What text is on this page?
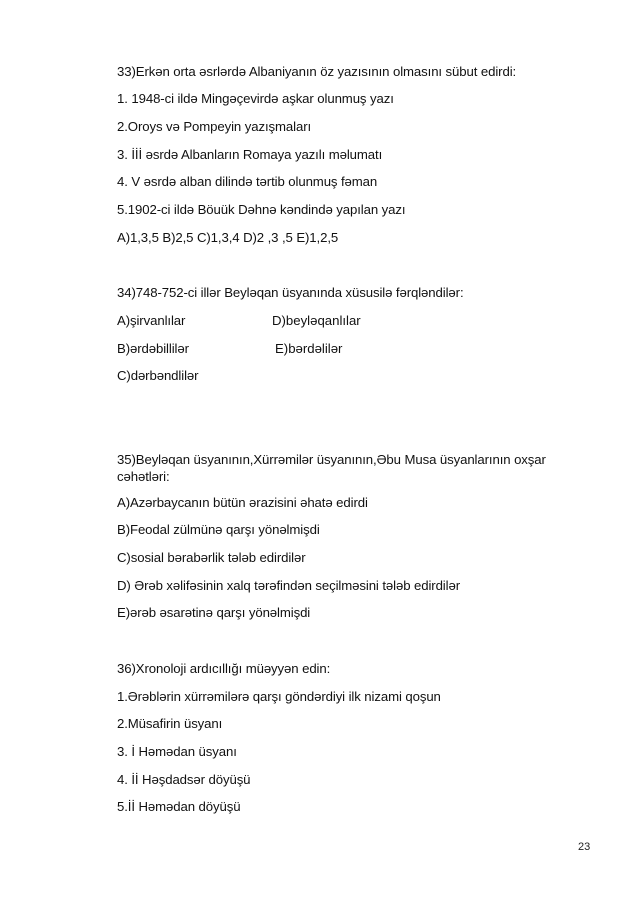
33)Erkən orta əsrlərdə Albaniyanın öz yazısının olmasını sübut edirdi:
1. 1948-ci ildə Mingəçevirdə aşkar olunmuş yazı
2.Oroys və Pompeyin yazışmaları
3. İİİ əsrdə Albanların Romaya yazılı məlumatı
4. V əsrdə alban dilində tərtib olunmuş fəman
5.1902-ci ildə Böuük Dəhnə kəndində yapılan yazı
A)1,3,5 B)2,5 C)1,3,4 D)2 ,3 ,5 E)1,2,5
34)748-752-ci illər Beyləqan üsyanında xüsusilə fərqləndilər:
A)şirvanlılar	D)beyləqanlılar
B)ərdəbillilər	E)bərdəlilər
C)dərbəndlilər
35)Beyləqan üsyanının,Xürrəmilər üsyanının,Əbu Musa üsyanlarının oxşar cəhətləri:
A)Azərbaycanın bütün ərazisini əhatə edirdi
B)Feodal zülmünə qarşı yönəlmişdi
C)sosial bərabərlik tələb edirdilər
D) Ərəb xəlifəsinin xalq tərəfindən seçilməsini tələb edirdilər
E)ərəb əsarətinə qarşı yönəlmişdi
36)Xronoloji ardıcıllığı müəyyən edin:
1.Ərəblərin xürrəmilərə qarşı göndərdiyi ilk nizami qoşun
2.Müsafirin üsyanı
3. İ Həmədan üsyanı
4. İİ Həşdadsər döyüşü
5.İİ Həmədan döyüşü
23
